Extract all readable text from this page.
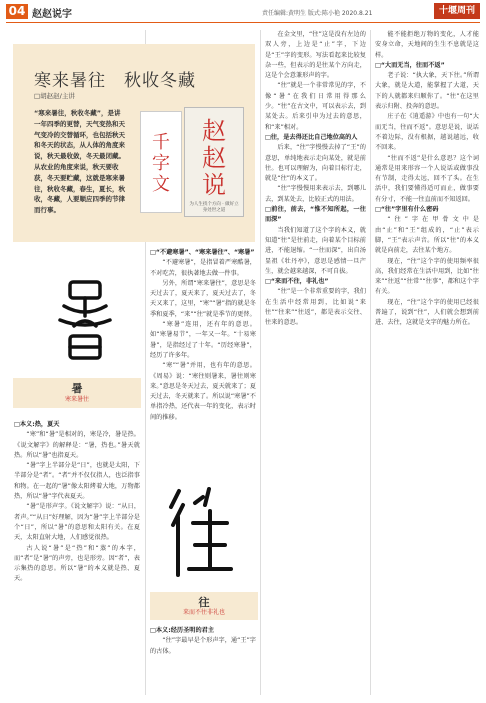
04 赵赵说字	责任编辑:黄明生 版式:陈小艳 2020.8.21	十堰周刊
寒来暑往　秋收冬藏
□胡赵赵/主讲
“寒来暑往，秋收冬藏”，是讲一年四季的更替，天气变热和天气变冷的交替循环，也包括秋天和冬天的状态，从人体的角度来说，秋天最收敛，冬天最闭藏。从农业的角度来说，秋天要收获，冬天要贮藏，这就是寒来暑往，秋收冬藏，春生，夏长，秋收，冬藏，人要顺应四季的节律而行事。
千字文
赵赵说
为人生找个方向 · 做好立身处世之道
暑
寒来暑往
往
来而不往非礼也

□本义:热，夏天

“寒”和“暑”是相对的，寒是冷，暑是热。《说文解字》的解释是：“暑，热也。”暑天就热。所以“暑”也指夏天。

“暑”字上半部分是“日”，也就是太阳，下半部分是“者”。“者”并不仅仅指人，也泛指事和物。在一起的“暑”像太阳烤着大地，万物都热，所以“暑”字代表夏天。

“暑”是形声字。《说文解字》说：“从日，者声。”“从日”好理解，因为“暑”字上半部分是个“日”，所以“暑”的意思和太阳有关。在夏天，太阳直射大地，人们感觉很热。

古人说“暑”是“热”和“蒸”的本字，而“者”是“暑”的声旁，也是形旁。因“者”，表示集热的意思。所以“暑”的本义就是热、夏天。

□“不避寒暑”、“寒来暑往”、“寒暑”

“不避寒暑”，是指冒着严寒酷暑，不对吃苦，很执著地去做一件事。

另外，所谓“寒来暑往”，意思是冬天过去了，夏天来了，夏天过去了，冬天又来了，这里，“寒”“暑”指的就是冬季和夏季，“来”“往”就是季节的更替。

“寒暑”连用，还有年的意思。如“寒暑易节”，一年又一年。“十易寒暑”，是指经过了十年。“历经寒暑”，经历了许多年。

“寒”“暑”并用，也有年的意思。《周易》说：“寒往则暑来，暑往则寒来。”意思是冬天过去，夏天就来了；夏天过去，冬天就来了。所以说“寒暑”不单指冷热，还代表一年的变化，表示时间的推移。

□本义:经历圣明的君主

“往”字最早是个形声字，通“王”字的古体。

在金文里，“往”这是没有左边的双人旁，上边是“止”字，下边是“王”字的变形。写法看起来比较复杂一些，但表示的是往某个方向走，这是个会意兼形声的字。

“往”就是一个非常常见的字，不像“暑”在我们日常用得那么少。“往”在古文中，可以表示去，到某处去。后来引申为过去的意思，和“来”相对。

□往，是去得还比自己地位高的人

后来，“往”字慢慢去掉了“王”的意思，单纯地表示走向某处，就是前往。也可以理解为，向着目标行走，就是“往”的本义了。

“往”字慢慢用来表示去，到哪儿去，到某处去，比较正式的用法。

□前往，前去，“惟不知所起，一往而深”

当我们知道了这个字的本义，就知道“往”是往前走，向着某个目标前进，不能退缩。“一往而深”，出自汤显祖《牡丹亭》，意思是感情一旦产生，就会越来越深，不可自拔。

□“来而不往，非礼也”

“往”是一个非常重要的字，我们在生活中经常用到，比如说“来往”“往来”“往返”，都是表示交往、往来的意思。

能不能拒绝万物的变化，人才能安身立命，天地间的生生不息就是这样。

□“大而无当，往而不返”

老子说：“执大象，天下往。”所谓大象，就是大道，能掌握了大道，天下的人就都来归顺你了。“往”在这里表示归附、投奔的意思。

庄子在《逍遥游》中也有一句“大而无当，往而不返”。意思是说，说话不着边际，没有根据，越说越远，收不回来。

“往而不返”是什么意思？这个词通常是用来形容一个人说话或做事没有节制，走得太远，回不了头。在生活中，我们要懂得适可而止，做事要有分寸，不能一往直前而不知返回。

□“往”字里有什么密码

“往”字在甲骨文中是由“止”和“王”组成的，“止”表示脚，“王”表示声音。所以“往”的本义就是向前走，去往某个地方。

现在，“往”这个字的使用频率很高，我们经常在生活中用到，比如“往来”“往返”“往常”“往事”，都和这个字有关。

现在，“往”这个字的使用已经很普遍了，说到“往”，人们就会想到前进、去往，这就是文字的魅力所在。
